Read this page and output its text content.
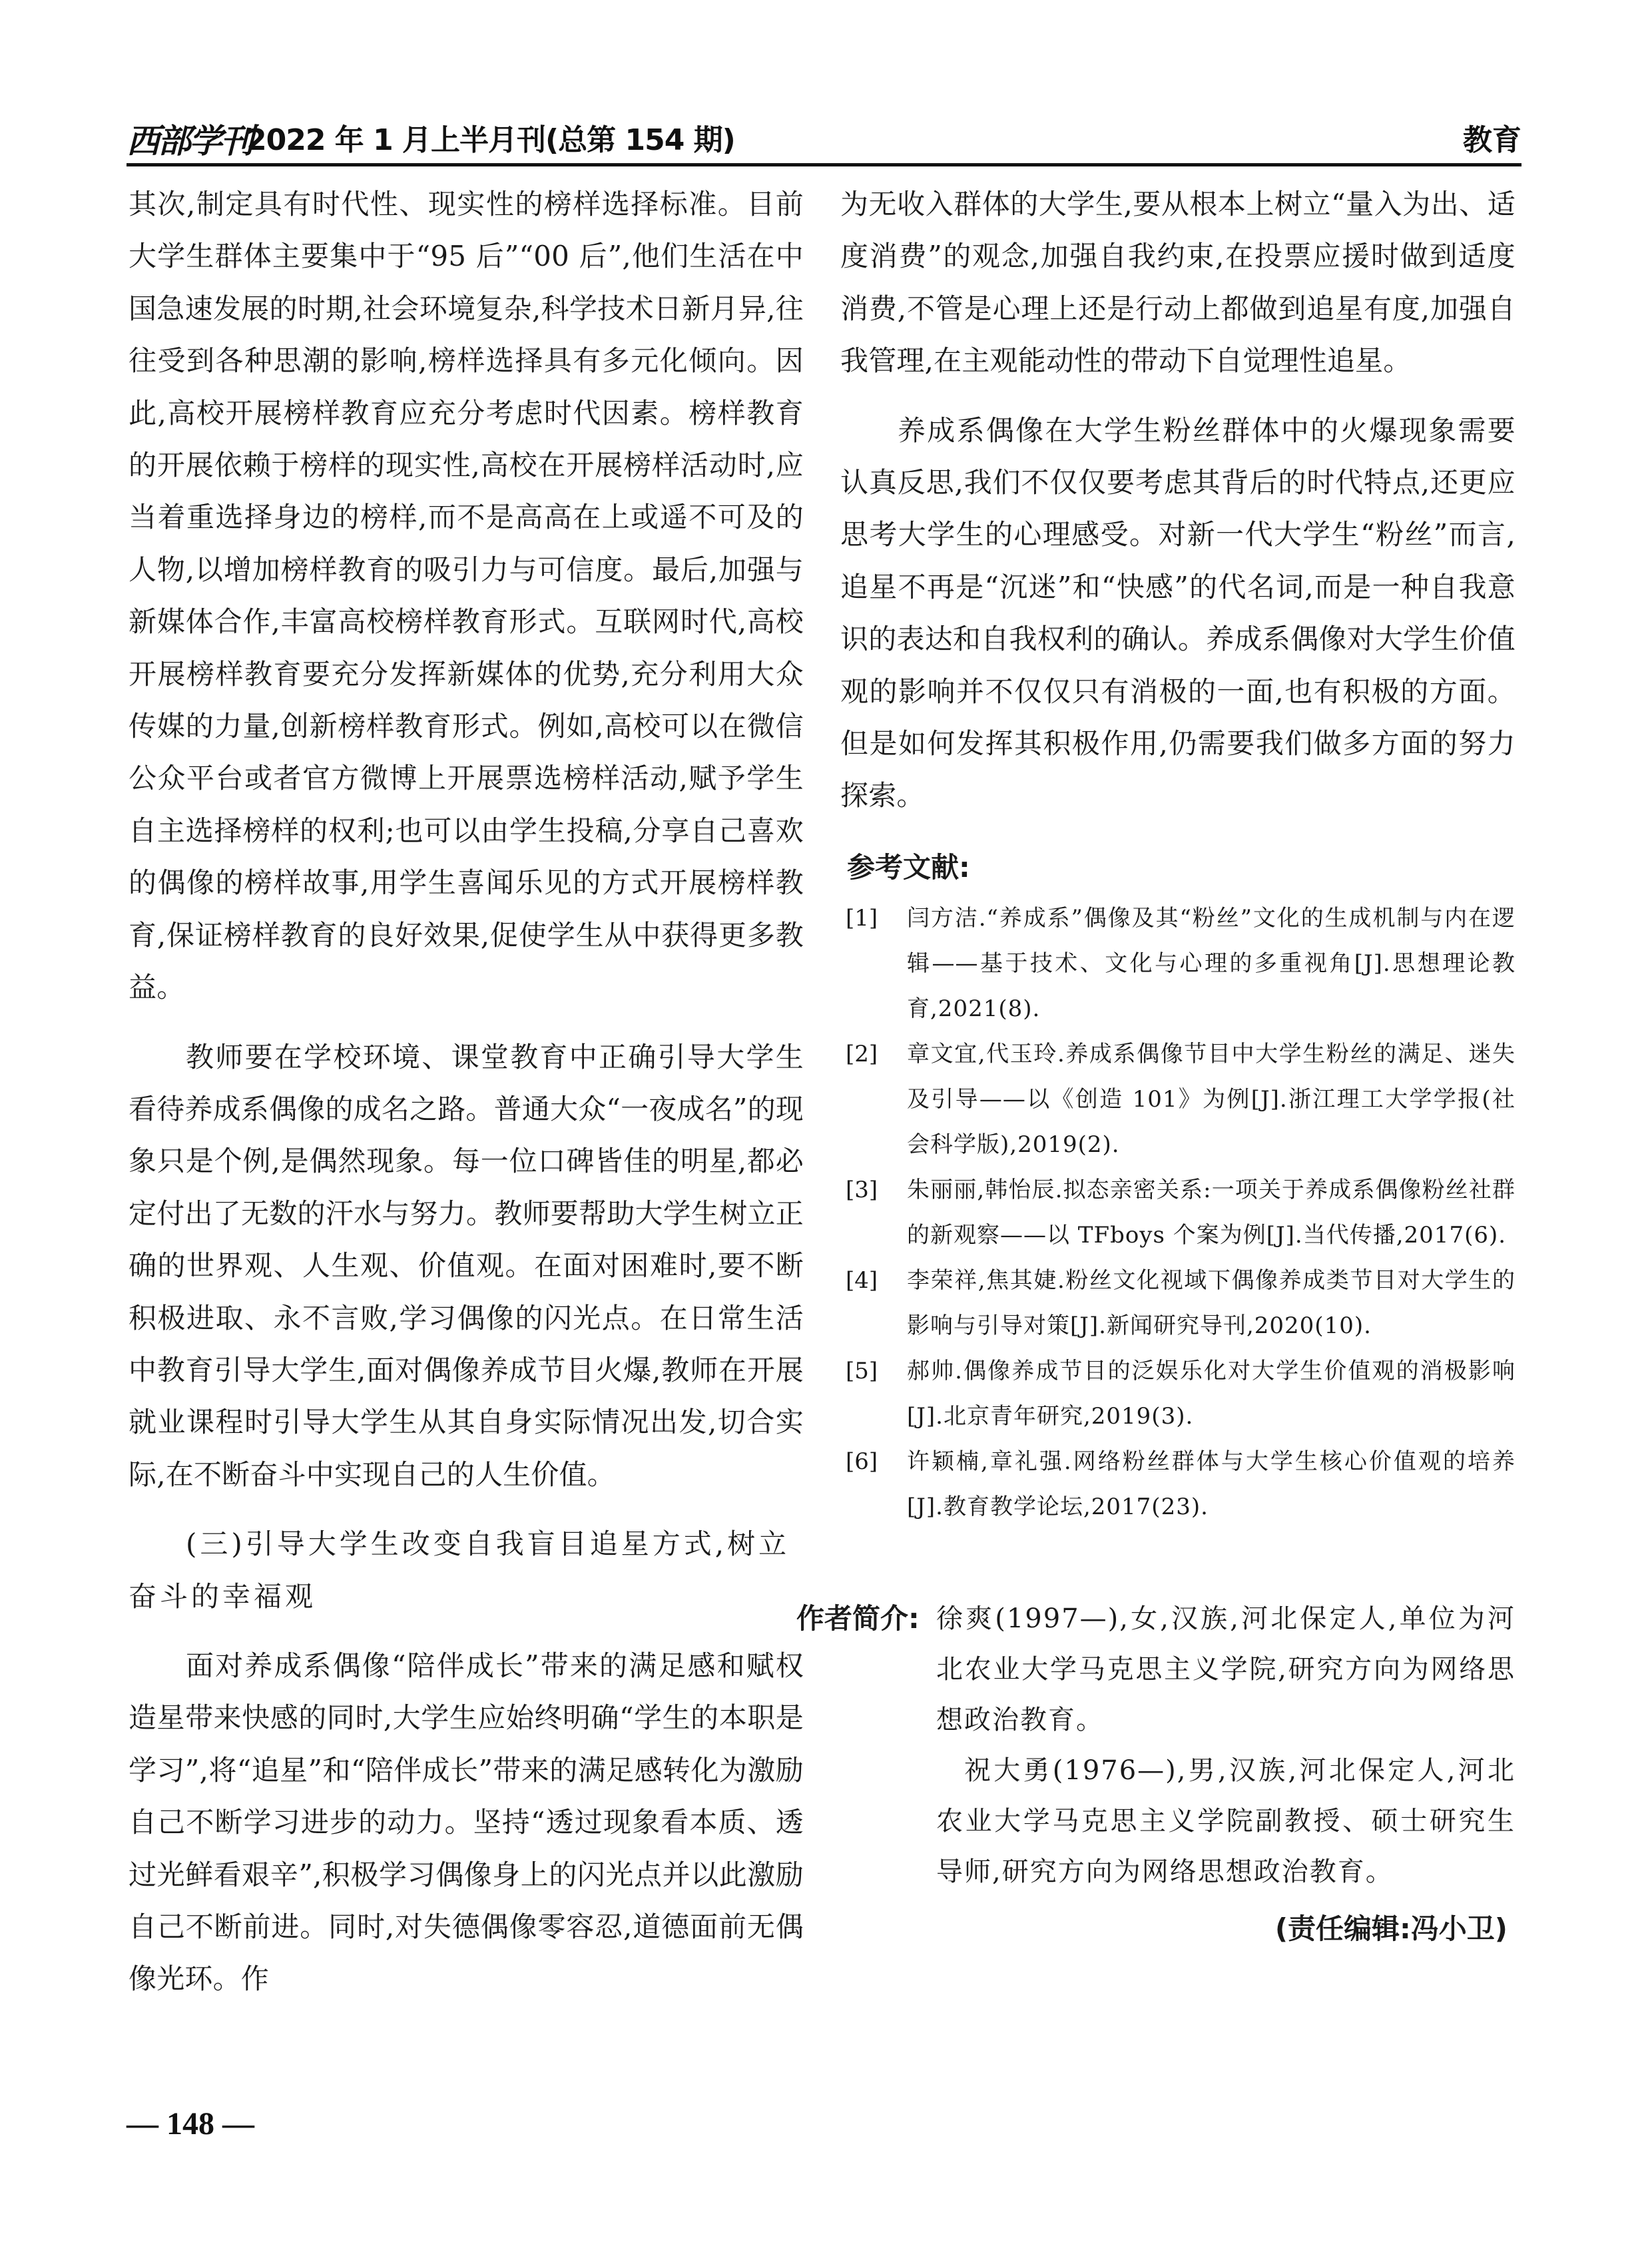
西部学刊
2022 年 1 月上半月刊(总第 154 期)	教育

其次,制定具有时代性、现实性的榜样选择标准。目前大学生群体主要集中于“95 后”“00 后”,他们生活在中国急速发展的时期,社会环境复杂,科学技术日新月异,往往受到各种思潮的影响,榜样选择具有多元化倾向。因此,高校开展榜样教育应充分考虑时代因素。榜样教育的开展依赖于榜样的现实性,高校在开展榜样活动时,应当着重选择身边的榜样,而不是高高在上或遥不可及的人物,以增加榜样教育的吸引力与可信度。最后,加强与新媒体合作,丰富高校榜样教育形式。互联网时代,高校开展榜样教育要充分发挥新媒体的优势,充分利用大众传媒的力量,创新榜样教育形式。例如,高校可以在微信公众平台或者官方微博上开展票选榜样活动,赋予学生自主选择榜样的权利;也可以由学生投稿,分享自己喜欢的偶像的榜样故事,用学生喜闻乐见的方式开展榜样教育,保证榜样教育的良好效果,促使学生从中获得更多教益。

教师要在学校环境、课堂教育中正确引导大学生看待养成系偶像的成名之路。普通大众“一夜成名”的现象只是个例,是偶然现象。每一位口碑皆佳的明星,都必定付出了无数的汗水与努力。教师要帮助大学生树立正确的世界观、人生观、价值观。在面对困难时,要不断积极进取、永不言败,学习偶像的闪光点。在日常生活中教育引导大学生,面对偶像养成节目火爆,教师在开展就业课程时引导大学生从其自身实际情况出发,切合实际,在不断奋斗中实现自己的人生价值。

(三)引导大学生改变自我盲目追星方式,树立奋斗的幸福观

面对养成系偶像“陪伴成长”带来的满足感和赋权造星带来快感的同时,大学生应始终明确“学生的本职是学习”,将“追星”和“陪伴成长”带来的满足感转化为激励自己不断学习进步的动力。坚持“透过现象看本质、透过光鲜看艰辛”,积极学习偶像身上的闪光点并以此激励自己不断前进。同时,对失德偶像零容忍,道德面前无偶像光环。作

为无收入群体的大学生,要从根本上树立“量入为出、适度消费”的观念,加强自我约束,在投票应援时做到适度消费,不管是心理上还是行动上都做到追星有度,加强自我管理,在主观能动性的带动下自觉理性追星。

养成系偶像在大学生粉丝群体中的火爆现象需要认真反思,我们不仅仅要考虑其背后的时代特点,还更应思考大学生的心理感受。对新一代大学生“粉丝”而言,追星不再是“沉迷”和“快感”的代名词,而是一种自我意识的表达和自我权利的确认。养成系偶像对大学生价值观的影响并不仅仅只有消极的一面,也有积极的方面。但是如何发挥其积极作用,仍需要我们做多方面的努力探索。

参考文献:
[1]	闫方洁.“养成系”偶像及其“粉丝”文化的生成机制与内在逻辑——基于技术、文化与心理的多重视角[J].思想理论教育,2021(8).
[2]	章文宜,代玉玲.养成系偶像节目中大学生粉丝的满足、迷失及引导——以《创造 101》为例[J].浙江理工大学学报(社会科学版),2019(2).
[3]	朱丽丽,韩怡辰.拟态亲密关系:一项关于养成系偶像粉丝社群的新观察——以 TFboys 个案为例[J].当代传播,2017(6).
[4]	李荣祥,焦其婕.粉丝文化视域下偶像养成类节目对大学生的影响与引导对策[J].新闻研究导刊,2020(10).
[5]	郝帅.偶像养成节目的泛娱乐化对大学生价值观的消极影响[J].北京青年研究,2019(3).
[6]	许颖楠,章礼强.网络粉丝群体与大学生核心价值观的培养[J].教育教学论坛,2017(23).
作者简介: 徐爽(1997—),女,汉族,河北保定人,单位为河北农业大学马克思主义学院,研究方向为网络思想政治教育。

祝大勇(1976—),男,汉族,河北保定人,河北农业大学马克思主义学院副教授、硕士研究生导师,研究方向为网络思想政治教育。

(责任编辑:冯小卫)
— 148 —
